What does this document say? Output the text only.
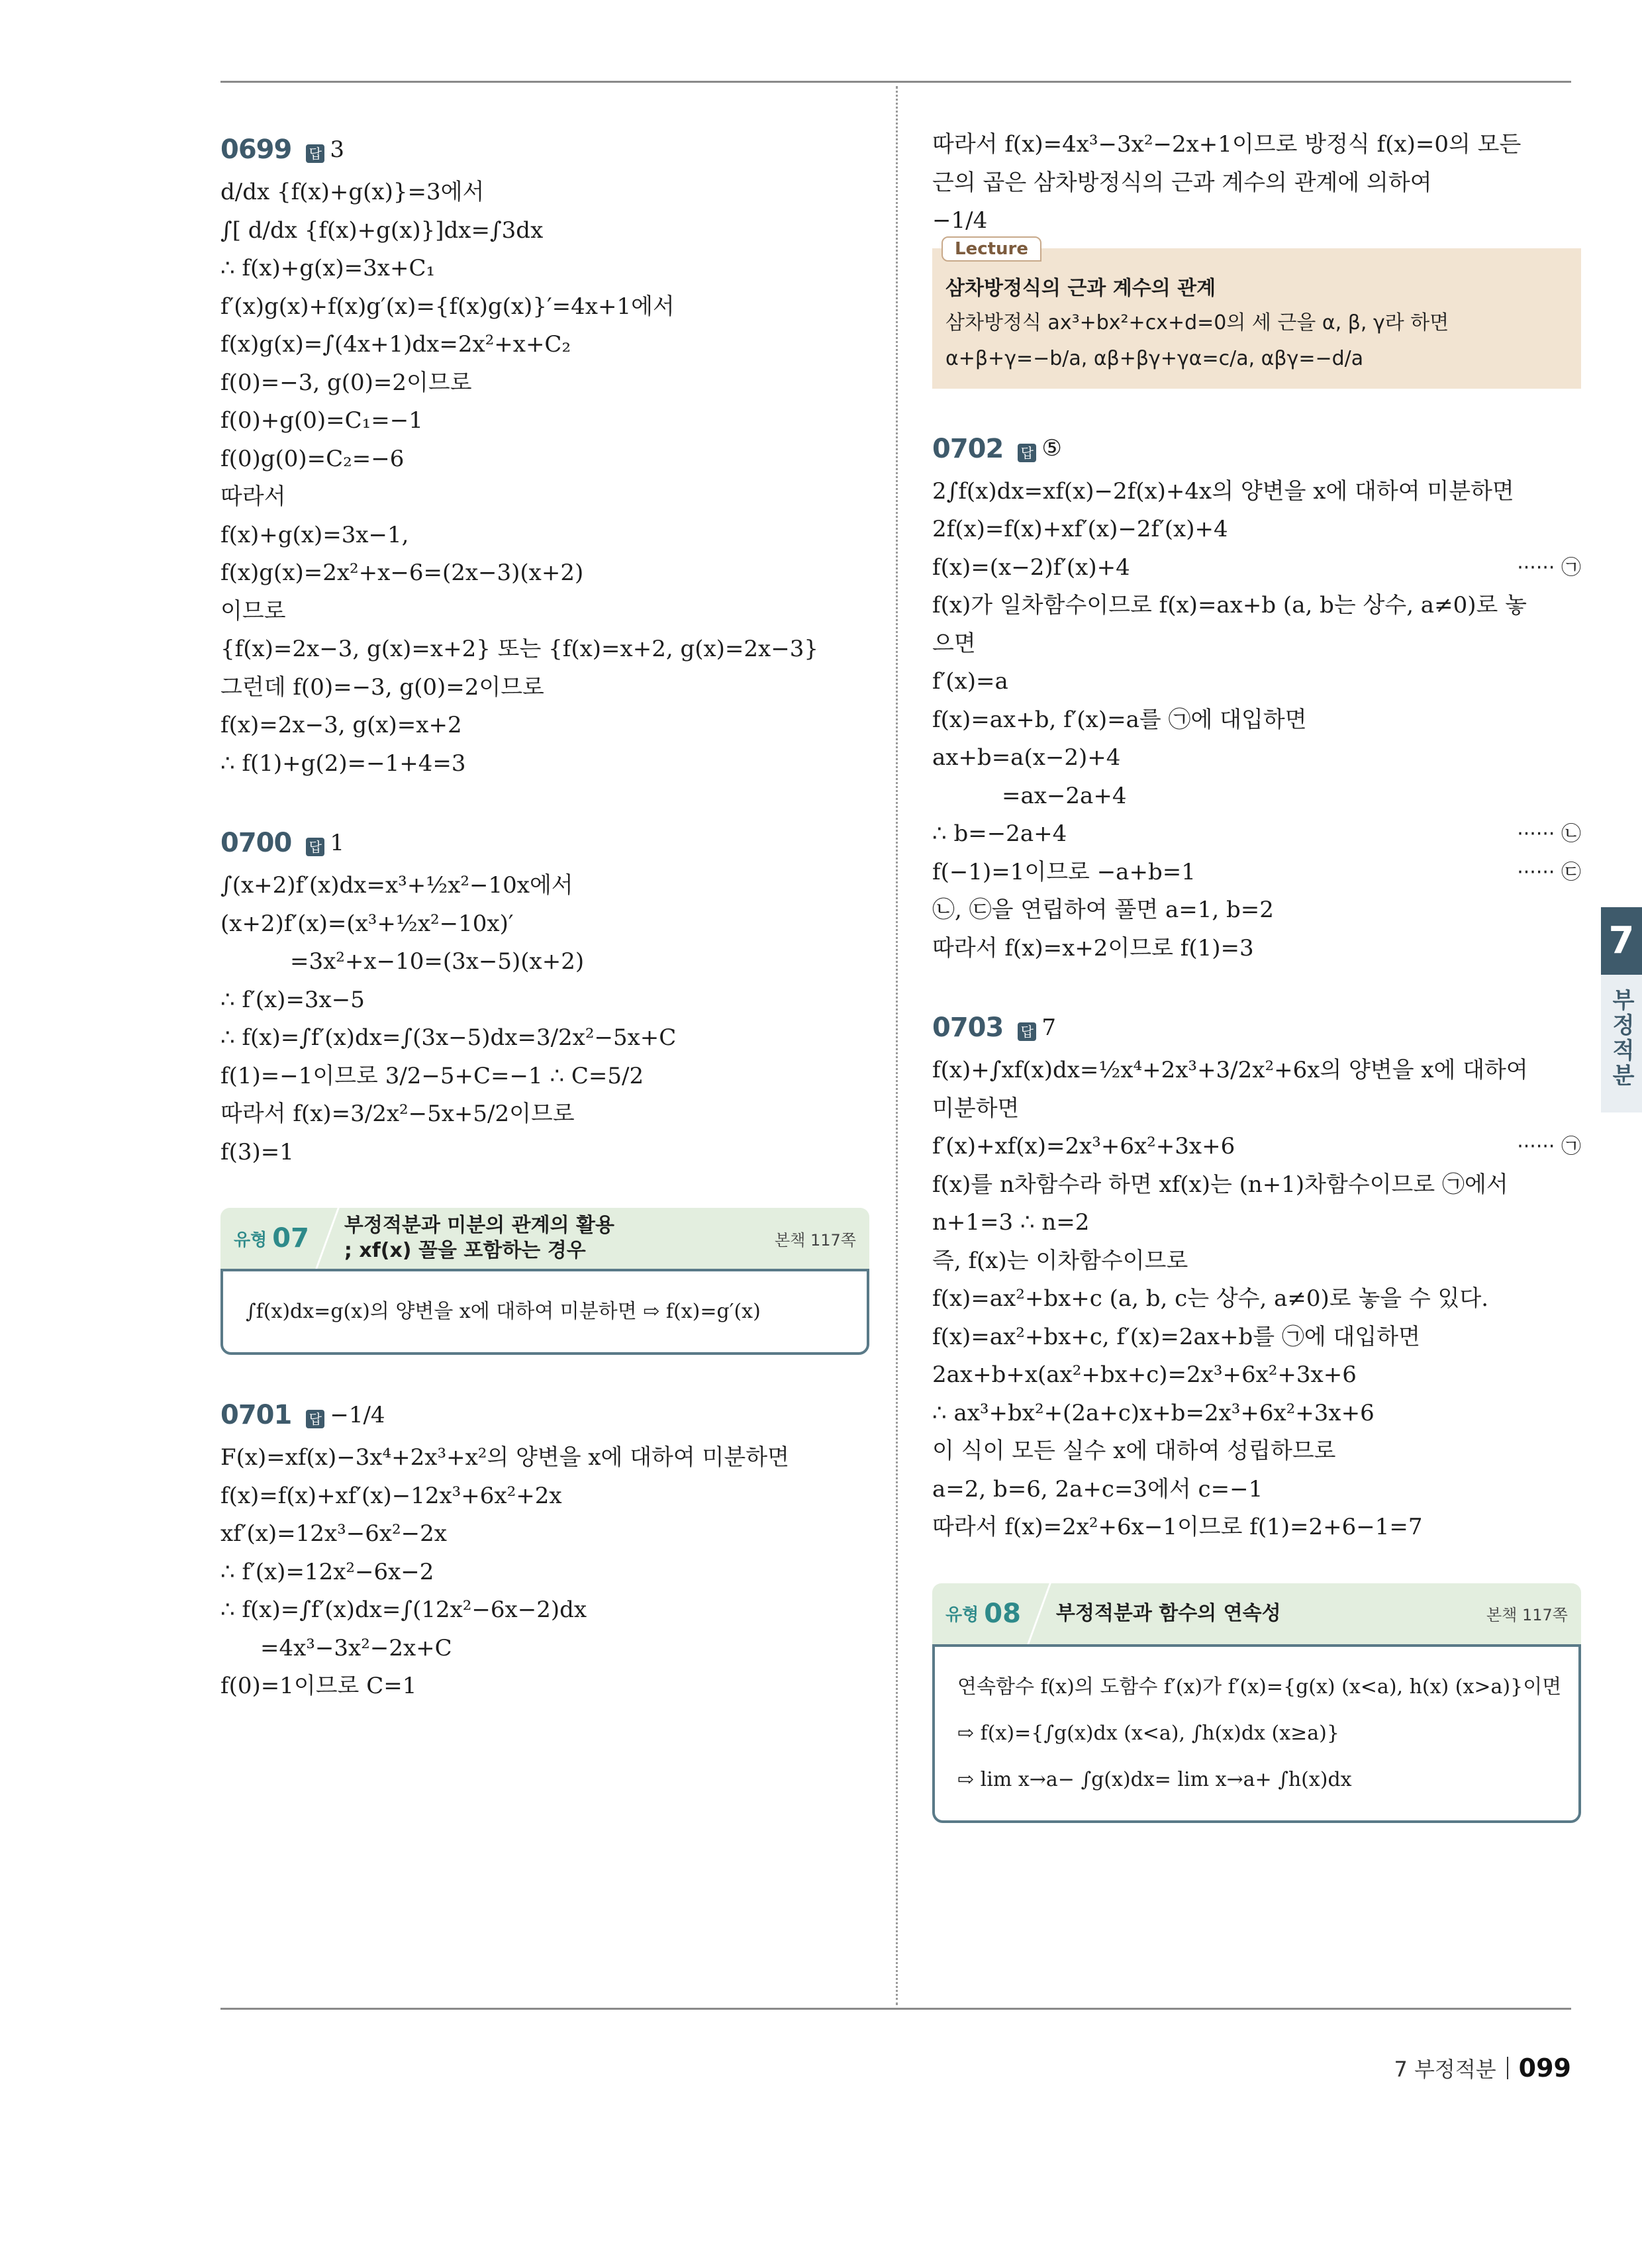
0699 답 3
d/dx {f(x)+g(x)}=3에서
∫[ d/dx {f(x)+g(x)}]dx=∫3dx
∴ f(x)+g(x)=3x+C₁
f′(x)g(x)+f(x)g′(x)={f(x)g(x)}′=4x+1에서
f(x)g(x)=∫(4x+1)dx=2x²+x+C₂
f(0)=−3, g(0)=2이므로
f(0)+g(0)=C₁=−1
f(0)g(0)=C₂=−6
따라서
f(x)+g(x)=3x−1,
f(x)g(x)=2x²+x−6=(2x−3)(x+2)
이므로
{f(x)=2x−3, g(x)=x+2} 또는 {f(x)=x+2, g(x)=2x−3}
그런데 f(0)=−3, g(0)=2이므로
f(x)=2x−3, g(x)=x+2
∴ f(1)+g(2)=−1+4=3
0700 답 1
∫(x+2)f′(x)dx=x³+½x²−10x에서
(x+2)f′(x)=(x³+½x²−10x)′
=3x²+x−10=(3x−5)(x+2)
∴ f′(x)=3x−5
∴ f(x)=∫f′(x)dx=∫(3x−5)dx=3/2x²−5x+C
f(1)=−1이므로 3/2−5+C=−1 ∴ C=5/2
따라서 f(x)=3/2x²−5x+5/2이므로
f(3)=1
유형 07 부정적분과 미분의 관계의 활용
; xf(x) 꼴을 포함하는 경우	본책 117쪽
∫f(x)dx=g(x)의 양변을 x에 대하여 미분하면 ⇨ f(x)=g′(x)
0701 답 −1/4
F(x)=xf(x)−3x⁴+2x³+x²의 양변을 x에 대하여 미분하면
f(x)=f(x)+xf′(x)−12x³+6x²+2x
xf′(x)=12x³−6x²−2x
∴ f′(x)=12x²−6x−2
∴ f(x)=∫f′(x)dx=∫(12x²−6x−2)dx
=4x³−3x²−2x+C
f(0)=1이므로 C=1
따라서 f(x)=4x³−3x²−2x+1이므로 방정식 f(x)=0의 모든
근의 곱은 삼차방정식의 근과 계수의 관계에 의하여
−1/4
Lecture
삼차방정식의 근과 계수의 관계
삼차방정식 ax³+bx²+cx+d=0의 세 근을 α, β, γ라 하면
α+β+γ=−b/a, αβ+βγ+γα=c/a, αβγ=−d/a
0702 답 ⑤
2∫f(x)dx=xf(x)−2f(x)+4x의 양변을 x에 대하여 미분하면
2f(x)=f(x)+xf′(x)−2f′(x)+4
f(x)=(x−2)f′(x)+4	······ ㉠
f(x)가 일차함수이므로 f(x)=ax+b (a, b는 상수, a≠0)로 놓
으면
f′(x)=a
f(x)=ax+b, f′(x)=a를 ㉠에 대입하면
ax+b=a(x−2)+4
=ax−2a+4
∴ b=−2a+4	······ ㉡
f(−1)=1이므로 −a+b=1	······ ㉢
㉡, ㉢을 연립하여 풀면 a=1, b=2
따라서 f(x)=x+2이므로 f(1)=3
0703 답 7
f(x)+∫xf(x)dx=½x⁴+2x³+3/2x²+6x의 양변을 x에 대하여
미분하면
f′(x)+xf(x)=2x³+6x²+3x+6	······ ㉠
f(x)를 n차함수라 하면 xf(x)는 (n+1)차함수이므로 ㉠에서
n+1=3 ∴ n=2
즉, f(x)는 이차함수이므로
f(x)=ax²+bx+c (a, b, c는 상수, a≠0)로 놓을 수 있다.
f(x)=ax²+bx+c, f′(x)=2ax+b를 ㉠에 대입하면
2ax+b+x(ax²+bx+c)=2x³+6x²+3x+6
∴ ax³+bx²+(2a+c)x+b=2x³+6x²+3x+6
이 식이 모든 실수 x에 대하여 성립하므로
a=2, b=6, 2a+c=3에서 c=−1
따라서 f(x)=2x²+6x−1이므로 f(1)=2+6−1=7
유형 08 부정적분과 함수의 연속성	본책 117쪽
연속함수 f(x)의 도함수 f′(x)가 f′(x)={g(x) (x<a), h(x) (x>a)}이면
⇨ f(x)={∫g(x)dx (x<a), ∫h(x)dx (x≥a)}
⇨ lim x→a− ∫g(x)dx= lim x→a+ ∫h(x)dx
7
부정적분
7 부정적분 099
